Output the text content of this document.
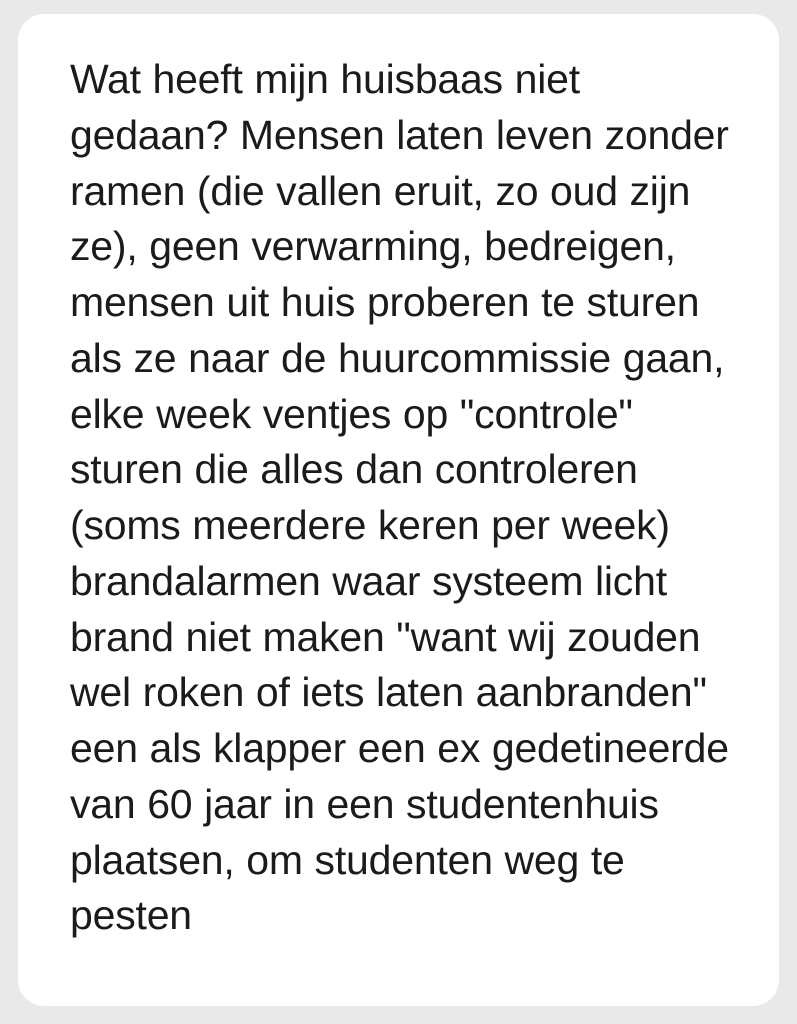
Wat heeft mijn huisbaas niet gedaan? Mensen laten leven zonder ramen (die vallen eruit, zo oud zijn ze), geen verwarming, bedreigen, mensen uit huis proberen te sturen als ze naar de huurcommissie gaan, elke week ventjes op "controle" sturen die alles dan controleren (soms meerdere keren per week) brandalarmen waar systeem licht brand niet maken "want wij zouden wel roken of iets laten aanbranden" een als klapper een ex gedetineerde van 60 jaar in een studentenhuis plaatsen, om studenten weg te pesten
